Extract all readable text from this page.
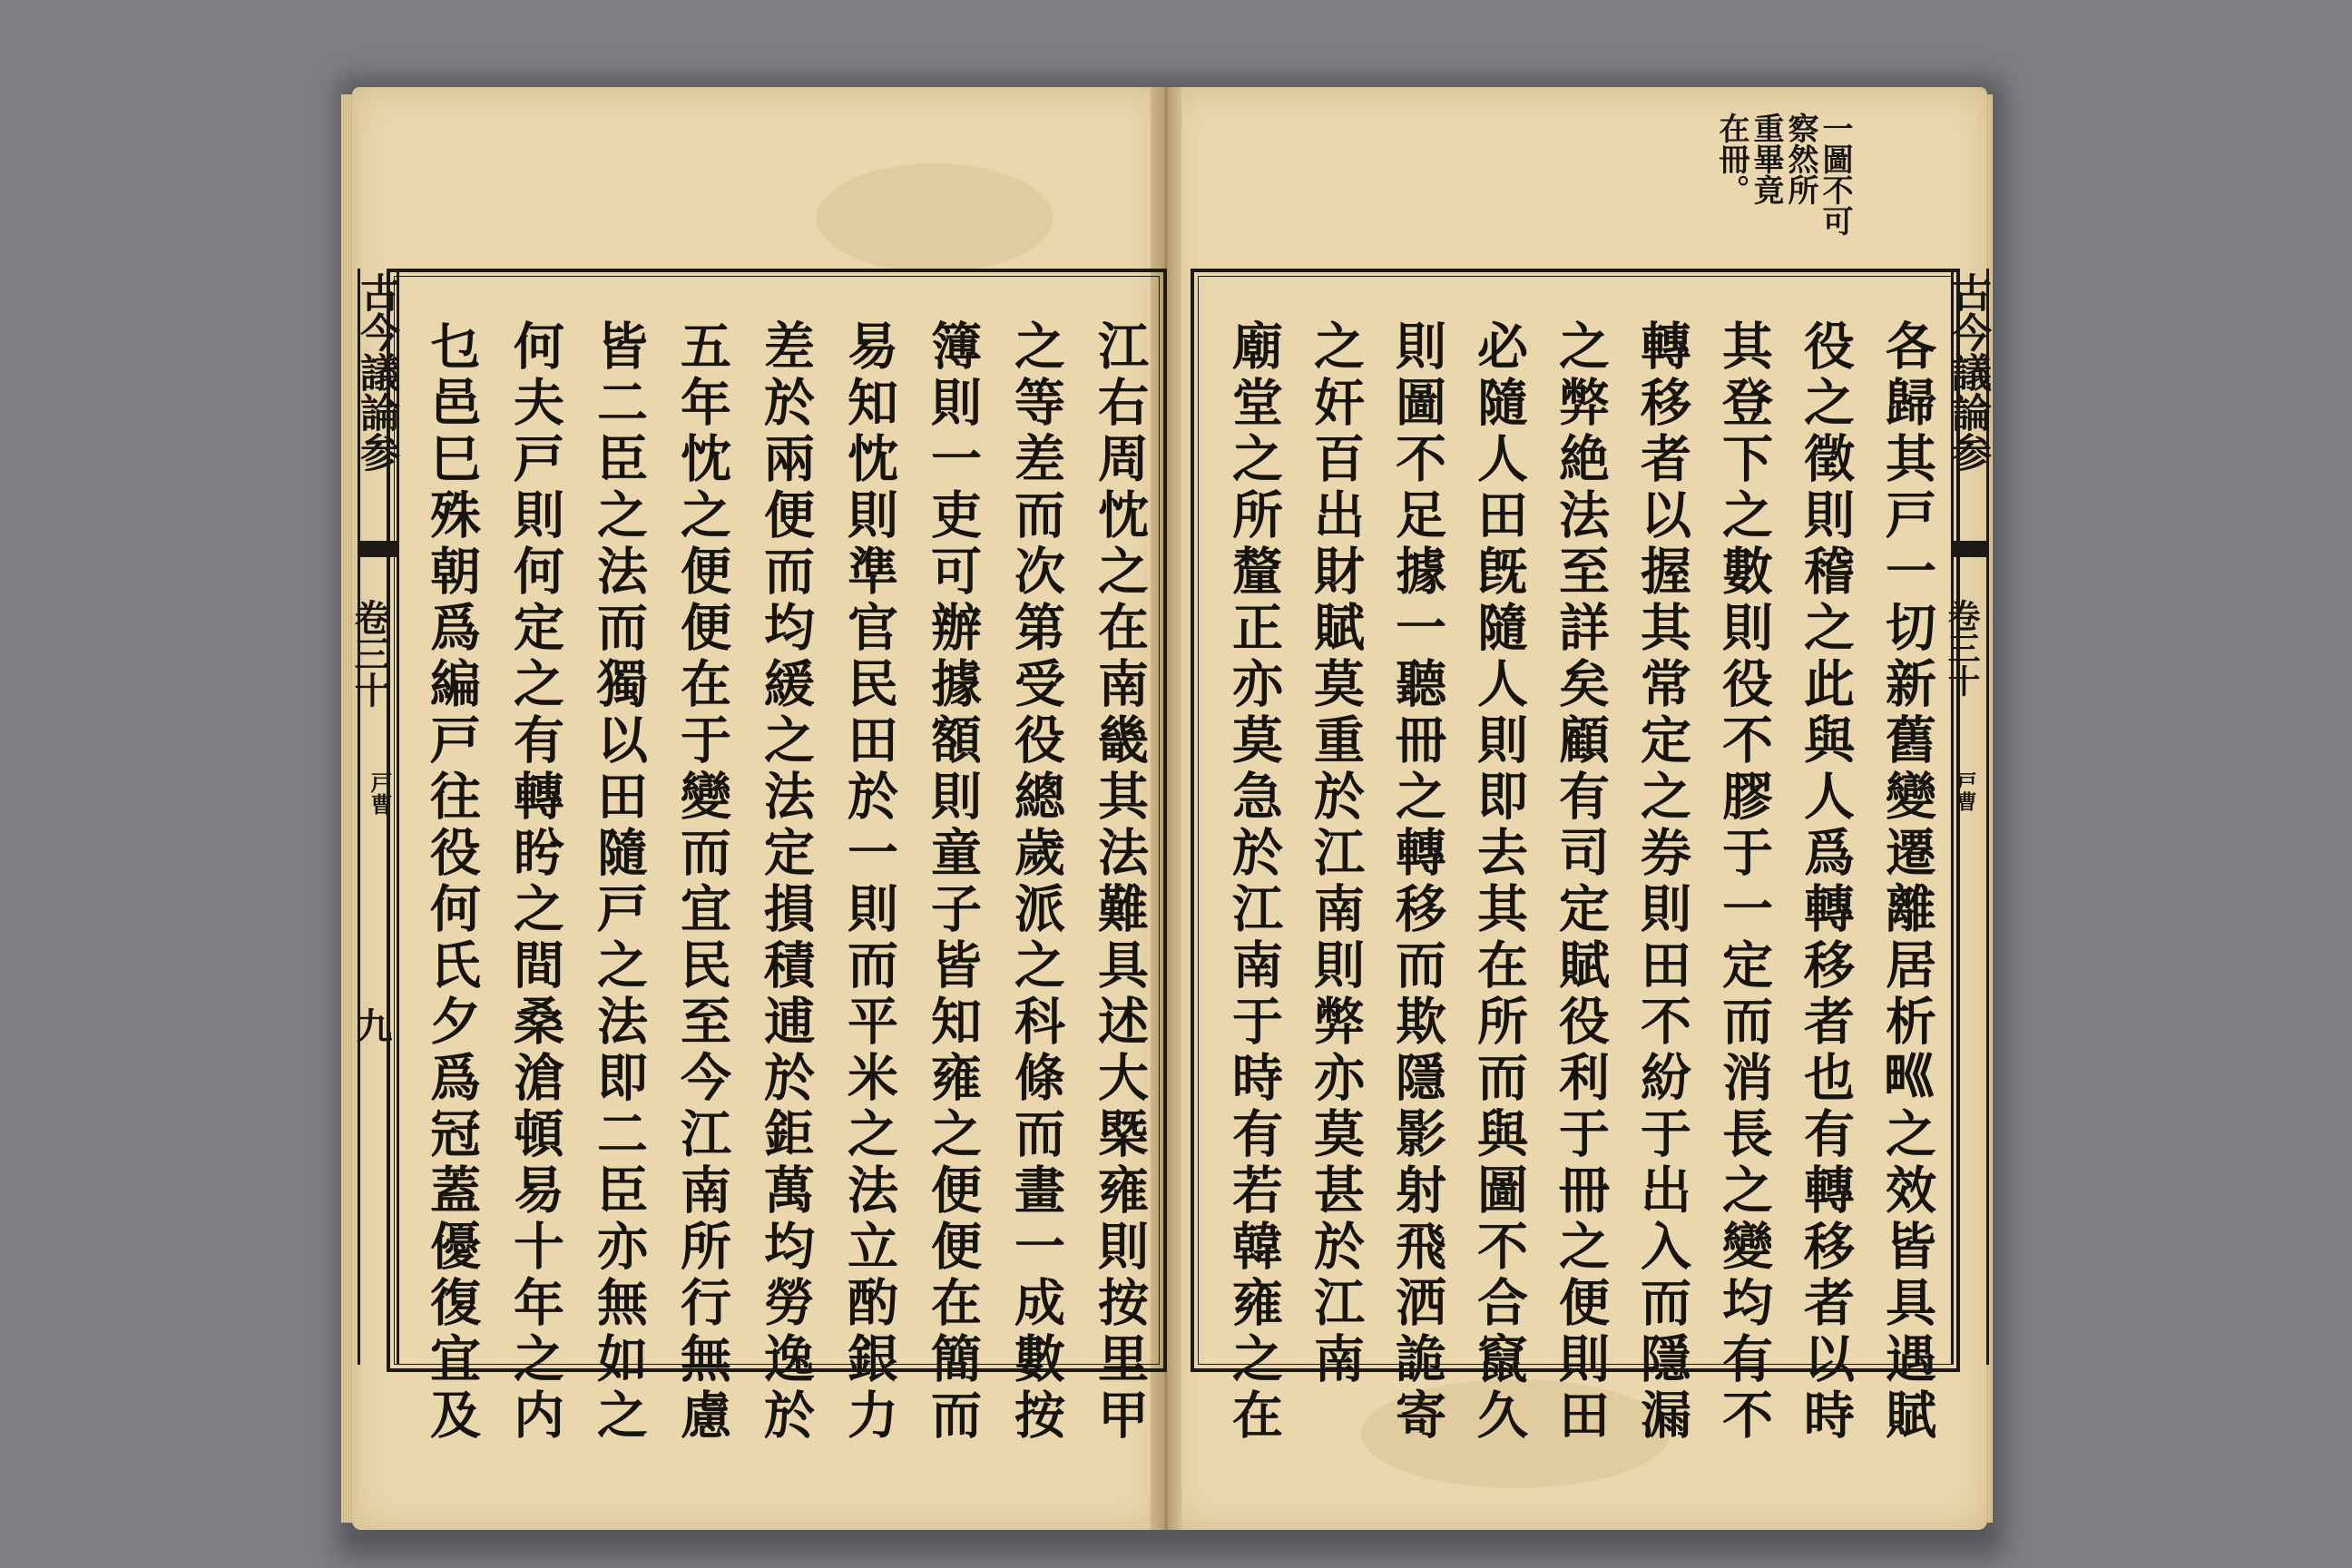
古今議論参
卷三十
戸曹
九	江右周忱之在南畿其法難具述大槩雍則按里甲
之等差而次第受役總歲派之科條而畫一成數按
簿則一吏可辦據額則童子皆知雍之便便在簡而
易知忱則準官民田於一則而平米之法立酌銀力
差於兩便而均緩之法定損積逋於鉅萬均勞逸於
五年忱之便便在于變而宜民至今江南所行無慮
皆二臣之法而獨以田隨戸之法即二臣亦無如之
何夫戸則何定之有轉盻之間桑滄頓易十年之内
乜邑巳殊朝爲編戸往役何氏夕爲冠蓋優復宜及	古今議論参
卷三十
戸曹
各歸其戸一切新舊變遷離居析𤰝之效皆具遇賦
役之徵則稽之此與人爲轉移者也有轉移者以時
其登下之數則役不膠于一定而消長之變均有不
轉移者以握其常定之券則田不紛于出入而隱漏
之弊絶法至詳矣顧有司定賦役利于冊之便則田
必隨人田旣隨人則即去其在所而與圖不合竄久
則圖不足據一聽冊之轉移而欺隱影射飛洒詭寄
之奸百出財賦莫重於江南則弊亦莫甚於江南
廟堂之所釐正亦莫急於江南于時有若韓雍之在
一圖不可
察然所
重畢竟
在冊。
